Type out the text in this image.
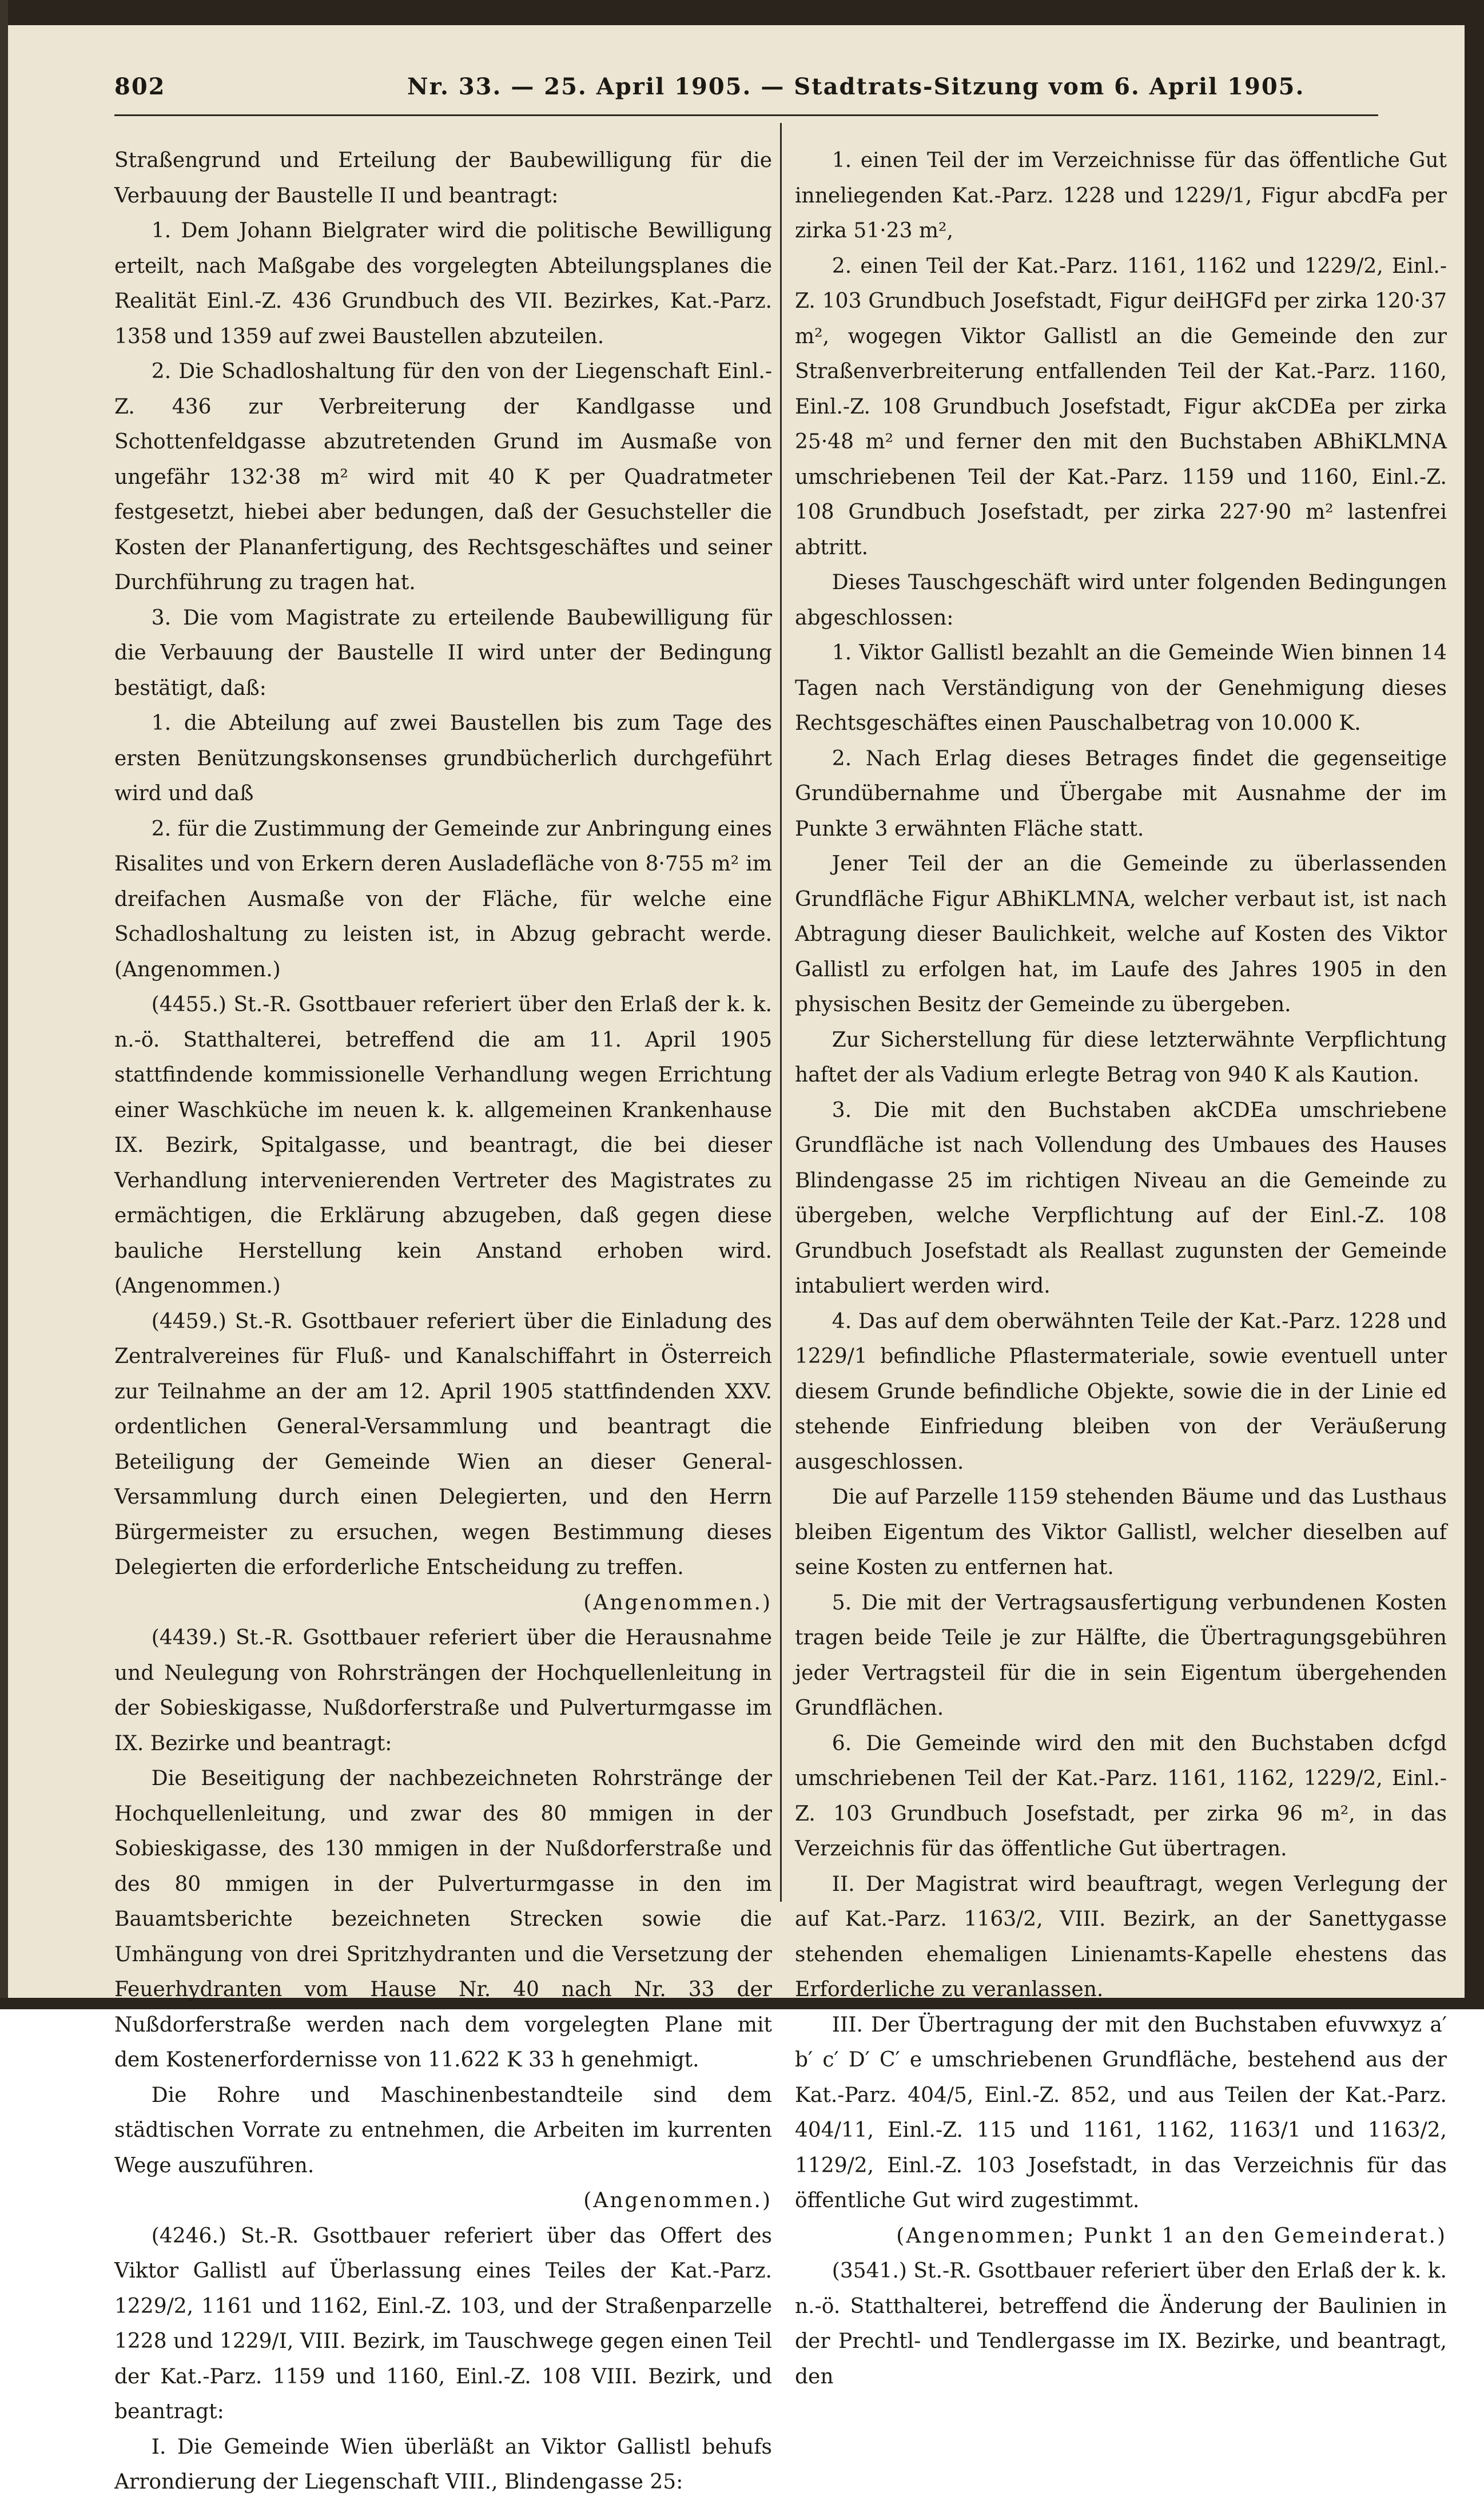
802	Nr. 33. — 25. April 1905. — Stadtrats-Sitzung vom 6. April 1905.

Straßengrund und Erteilung der Baubewilligung für die Verbauung der Baustelle II und beantragt:

1. Dem Johann Bielgrater wird die politische Bewilligung erteilt, nach Maßgabe des vorgelegten Abteilungsplanes die Realität Einl.-Z. 436 Grundbuch des VII. Bezirkes, Kat.-Parz. 1358 und 1359 auf zwei Baustellen abzuteilen.

2. Die Schadloshaltung für den von der Liegenschaft Einl.-Z. 436 zur Verbreiterung der Kandlgasse und Schottenfeldgasse abzutretenden Grund im Ausmaße von ungefähr 132·38 m² wird mit 40 K per Quadratmeter festgesetzt, hiebei aber bedungen, daß der Gesuchsteller die Kosten der Plananfertigung, des Rechtsgeschäftes und seiner Durchführung zu tragen hat.

3. Die vom Magistrate zu erteilende Baubewilligung für die Verbauung der Baustelle II wird unter der Bedingung bestätigt, daß:

1. die Abteilung auf zwei Baustellen bis zum Tage des ersten Benützungskonsenses grundbücherlich durchgeführt wird und daß

2. für die Zustimmung der Gemeinde zur Anbringung eines Risalites und von Erkern deren Ausladefläche von 8·755 m² im dreifachen Ausmaße von der Fläche, für welche eine Schadloshaltung zu leisten ist, in Abzug gebracht werde. (Angenommen.)

(4455.) St.-R. Gsottbauer referiert über den Erlaß der k. k. n.-ö. Statthalterei, betreffend die am 11. April 1905 stattfindende kommissionelle Verhandlung wegen Errichtung einer Waschküche im neuen k. k. allgemeinen Krankenhause IX. Bezirk, Spitalgasse, und beantragt, die bei dieser Verhandlung intervenierenden Vertreter des Magistrates zu ermächtigen, die Erklärung abzugeben, daß gegen diese bauliche Herstellung kein Anstand erhoben wird. (Angenommen.)

(4459.) St.-R. Gsottbauer referiert über die Einladung des Zentralvereines für Fluß- und Kanalschiffahrt in Österreich zur Teilnahme an der am 12. April 1905 stattfindenden XXV. ordentlichen General-Versammlung und beantragt die Beteiligung der Gemeinde Wien an dieser General-Versammlung durch einen Delegierten, und den Herrn Bürgermeister zu ersuchen, wegen Bestimmung dieses Delegierten die erforderliche Entscheidung zu treffen.

(Angenommen.)

(4439.) St.-R. Gsottbauer referiert über die Herausnahme und Neulegung von Rohrsträngen der Hochquellenleitung in der Sobieskigasse, Nußdorferstraße und Pulverturmgasse im IX. Bezirke und beantragt:

Die Beseitigung der nachbezeichneten Rohrstränge der Hochquellenleitung, und zwar des 80 mmigen in der Sobieskigasse, des 130 mmigen in der Nußdorferstraße und des 80 mmigen in der Pulverturmgasse in den im Bauamtsberichte bezeichneten Strecken sowie die Umhängung von drei Spritzhydranten und die Versetzung der Feuerhydranten vom Hause Nr. 40 nach Nr. 33 der Nußdorferstraße werden nach dem vorgelegten Plane mit dem Kostenerfordernisse von 11.622 K 33 h genehmigt.

Die Rohre und Maschinenbestandteile sind dem städtischen Vorrate zu entnehmen, die Arbeiten im kurrenten Wege auszuführen.

(Angenommen.)

(4246.) St.-R. Gsottbauer referiert über das Offert des Viktor Gallistl auf Überlassung eines Teiles der Kat.-Parz. 1229/2, 1161 und 1162, Einl.-Z. 103, und der Straßenparzelle 1228 und 1229/I, VIII. Bezirk, im Tauschwege gegen einen Teil der Kat.-Parz. 1159 und 1160, Einl.-Z. 108 VIII. Bezirk, und beantragt:

I. Die Gemeinde Wien überläßt an Viktor Gallistl behufs Arrondierung der Liegenschaft VIII., Blindengasse 25:

1. einen Teil der im Verzeichnisse für das öffentliche Gut inneliegenden Kat.-Parz. 1228 und 1229/1, Figur abcdFa per zirka 51·23 m²,

2. einen Teil der Kat.-Parz. 1161, 1162 und 1229/2, Einl.-Z. 103 Grundbuch Josefstadt, Figur deiHGFd per zirka 120·37 m², wogegen Viktor Gallistl an die Gemeinde den zur Straßenverbreiterung entfallenden Teil der Kat.-Parz. 1160, Einl.-Z. 108 Grundbuch Josefstadt, Figur akCDEa per zirka 25·48 m² und ferner den mit den Buchstaben ABhiKLMNA umschriebenen Teil der Kat.-Parz. 1159 und 1160, Einl.-Z. 108 Grundbuch Josefstadt, per zirka 227·90 m² lastenfrei abtritt.

Dieses Tauschgeschäft wird unter folgenden Bedingungen abgeschlossen:

1. Viktor Gallistl bezahlt an die Gemeinde Wien binnen 14 Tagen nach Verständigung von der Genehmigung dieses Rechtsgeschäftes einen Pauschalbetrag von 10.000 K.

2. Nach Erlag dieses Betrages findet die gegenseitige Grundübernahme und Übergabe mit Ausnahme der im Punkte 3 erwähnten Fläche statt.

Jener Teil der an die Gemeinde zu überlassenden Grundfläche Figur ABhiKLMNA, welcher verbaut ist, ist nach Abtragung dieser Baulichkeit, welche auf Kosten des Viktor Gallistl zu erfolgen hat, im Laufe des Jahres 1905 in den physischen Besitz der Gemeinde zu übergeben.

Zur Sicherstellung für diese letzterwähnte Verpflichtung haftet der als Vadium erlegte Betrag von 940 K als Kaution.

3. Die mit den Buchstaben akCDEa umschriebene Grundfläche ist nach Vollendung des Umbaues des Hauses Blindengasse 25 im richtigen Niveau an die Gemeinde zu übergeben, welche Verpflichtung auf der Einl.-Z. 108 Grundbuch Josefstadt als Reallast zugunsten der Gemeinde intabuliert werden wird.

4. Das auf dem oberwähnten Teile der Kat.-Parz. 1228 und 1229/1 befindliche Pflastermateriale, sowie eventuell unter diesem Grunde befindliche Objekte, sowie die in der Linie ed stehende Einfriedung bleiben von der Veräußerung ausgeschlossen.

Die auf Parzelle 1159 stehenden Bäume und das Lusthaus bleiben Eigentum des Viktor Gallistl, welcher dieselben auf seine Kosten zu entfernen hat.

5. Die mit der Vertragsausfertigung verbundenen Kosten tragen beide Teile je zur Hälfte, die Übertragungsgebühren jeder Vertragsteil für die in sein Eigentum übergehenden Grundflächen.

6. Die Gemeinde wird den mit den Buchstaben dcfgd umschriebenen Teil der Kat.-Parz. 1161, 1162, 1229/2, Einl.-Z. 103 Grundbuch Josefstadt, per zirka 96 m², in das Verzeichnis für das öffentliche Gut übertragen.

II. Der Magistrat wird beauftragt, wegen Verlegung der auf Kat.-Parz. 1163/2, VIII. Bezirk, an der Sanettygasse stehenden ehemaligen Linienamts-Kapelle ehestens das Erforderliche zu veranlassen.

III. Der Übertragung der mit den Buchstaben efuvwxyz a′ b′ c′ D′ C′ e umschriebenen Grundfläche, bestehend aus der Kat.-Parz. 404/5, Einl.-Z. 852, und aus Teilen der Kat.-Parz. 404/11, Einl.-Z. 115 und 1161, 1162, 1163/1 und 1163/2, 1129/2, Einl.-Z. 103 Josefstadt, in das Verzeichnis für das öffentliche Gut wird zugestimmt.

(Angenommen; Punkt 1 an den Gemeinderat.)

(3541.) St.-R. Gsottbauer referiert über den Erlaß der k. k. n.-ö. Statthalterei, betreffend die Änderung der Baulinien in der Prechtl- und Tendlergasse im IX. Bezirke, und beantragt, den
